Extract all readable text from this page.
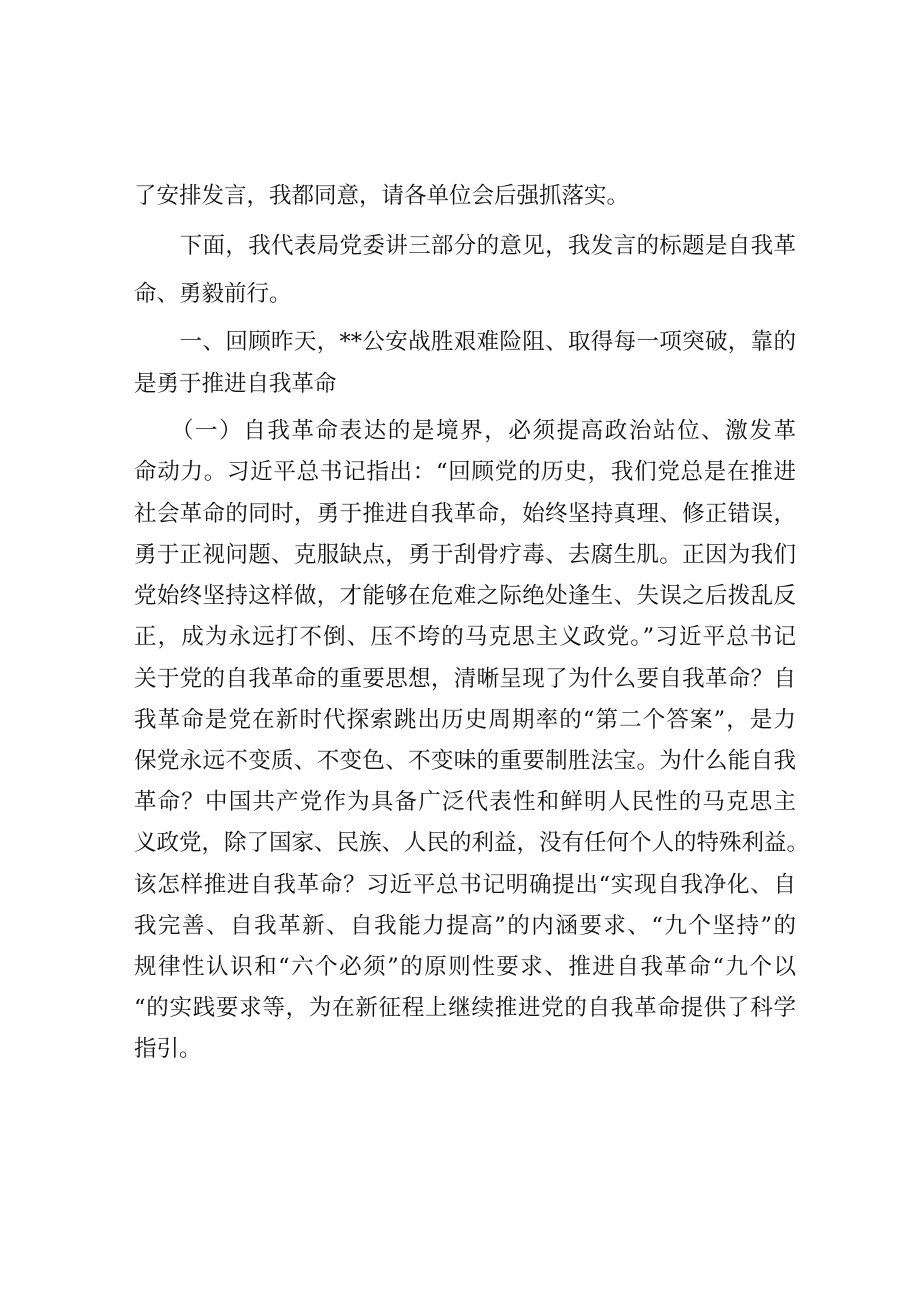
了安排发言，我都同意，请各单位会后强抓落实。
　　下面，我代表局党委讲三部分的意见，我发言的标题是自我革
命、勇毅前行。
　　一、回顾昨天，**公安战胜艰难险阻、取得每一项突破，靠的
是勇于推进自我革命
　　（一）自我革命表达的是境界，必须提高政治站位、激发革
命动力。习近平总书记指出：“回顾党的历史，我们党总是在推进
社会革命的同时，勇于推进自我革命，始终坚持真理、修正错误，
勇于正视问题、克服缺点，勇于刮骨疗毒、去腐生肌。正因为我们
党始终坚持这样做，才能够在危难之际绝处逢生、失误之后拨乱反
正，成为永远打不倒、压不垮的马克思主义政党。”习近平总书记
关于党的自我革命的重要思想，清晰呈现了为什么要自我革命？自
我革命是党在新时代探索跳出历史周期率的“第二个答案”，是力
保党永远不变质、不变色、不变味的重要制胜法宝。为什么能自我
革命？中国共产党作为具备广泛代表性和鲜明人民性的马克思主
义政党，除了国家、民族、人民的利益，没有任何个人的特殊利益。
该怎样推进自我革命？习近平总书记明确提出“实现自我净化、自
我完善、自我革新、自我能力提高”的内涵要求、“九个坚持”的
规律性认识和“六个必须”的原则性要求、推进自我革命“九个以
“的实践要求等，为在新征程上继续推进党的自我革命提供了科学
指引。
